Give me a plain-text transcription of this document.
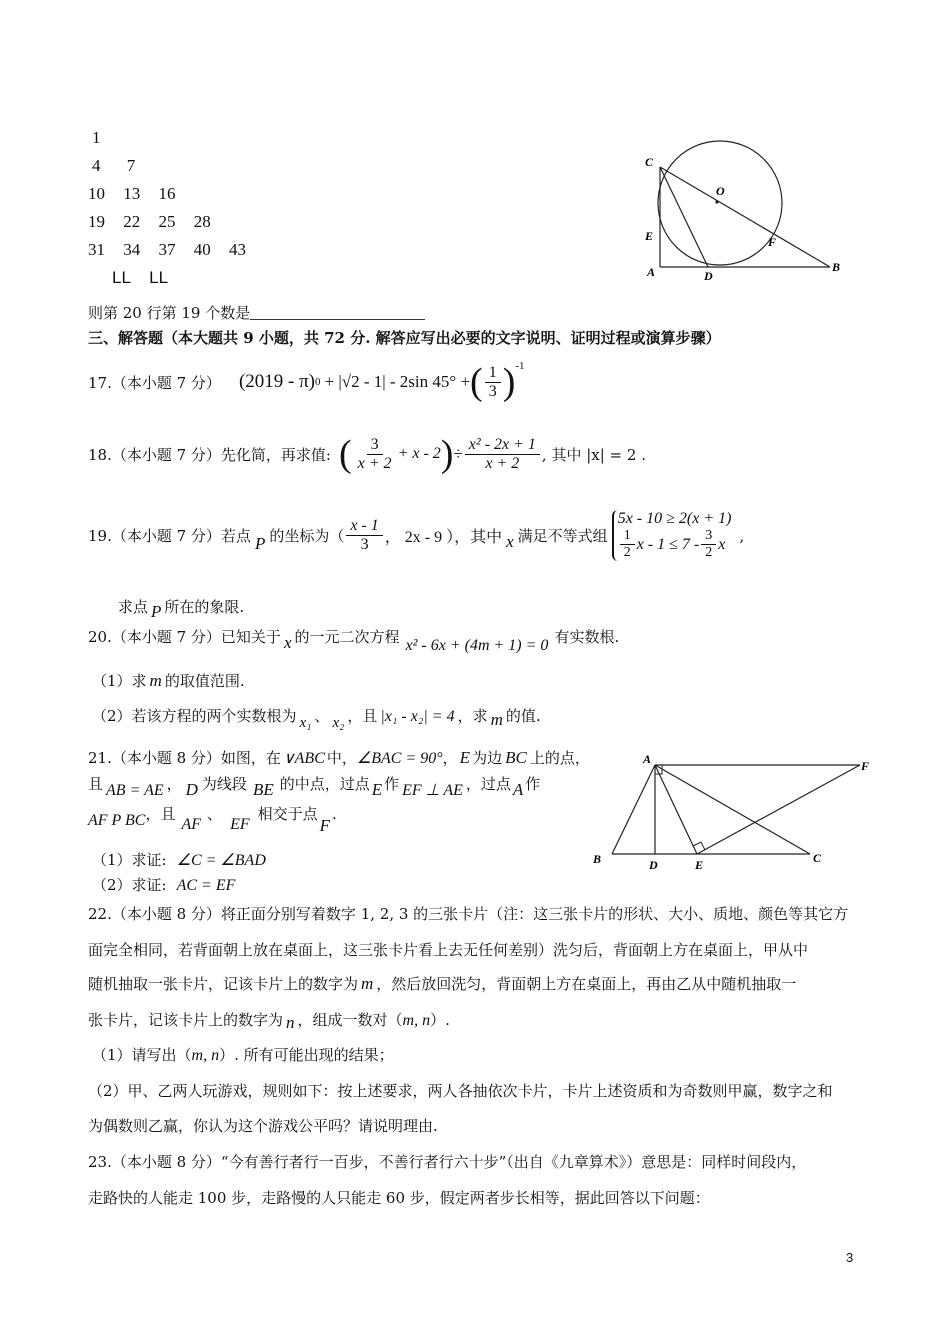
1
4 7
10 13 16
19 22 25 28
31 34 37 40 43
LL    LL
则第 20 行第 19 个数是
C
O
E	F
A	D
B
三、解答题（本大题共 9 小题，共 72 分. 解答应写出必要的文字说明、证明过程或演算步骤）
17.（本小题 7 分） (2019 - π) 0 + |√2 - 1| - 2sin 45° + ( $\frac{1}{3}$ ) -1
18.（本小题 7 分）先化简，再求值: ( $\frac{3}{x + 2} + x - 2$ ) ÷ $\frac{\text{x² - 2x + 1}}{x + 2}$ , 其中 |x| = 2 .
19.（本小题 7 分）若点 P 的坐标为（ $\frac{x - 1}{3}$ ， 2x - 9 ），其中 x 满足不等式组
5x - 10 ≥ 2(x + 1)
$\frac{1}{2}$ $x - 1 \le 7 - \frac{3}{2}$ x ,
求点 P 所在的象限.
20.（本小题 7 分）已知关于 x 的一元二次方程 x² - 6x + (4m + 1) = 0 有实数根.
（1）求 m 的取值范围.
（2）若该方程的两个实数根为 x₁ 、 x₂ ，且 |x₁ - x₂| = 4 ，求 m 的值.
21.（本小题 8 分）如图，在 ∨ABC 中，∠BAC = 90°， E 为边 BC 上的点，
且 AB = AE ， D 为线段 BE 的中点，过点 E 作 EF ⊥ AE ，过点 A 作
AF P BC，且AF、EF相交于点F.
（1）求证: ∠C = ∠BAD
（2）求证: AC = EF
A	F
B	D	E	C
22.（本小题 8 分）将正面分别写着数字 1, 2, 3 的三张卡片（注：这三张卡片的形状、大小、质地、颜色等其它方
面完全相同，若背面朝上放在桌面上，这三张卡片看上去无任何差别）洗匀后，背面朝上方在桌面上，甲从中
随机抽取一张卡片，记该卡片上的数字为 m ，然后放回洗匀，背面朝上方在桌面上，再由乙从中随机抽取一
张卡片，记该卡片上的数字为 n ，组成一数对（m, n）.
（1）请写出（m, n）. 所有可能出现的结果；
（2）甲、乙两人玩游戏，规则如下：按上述要求，两人各抽依次卡片，卡片上述资质和为奇数则甲赢，数字之和
为偶数则乙赢，你认为这个游戏公平吗？请说明理由.
23.（本小题 8 分）“今有善行者行一百步，不善行者行六十步”（出自《九章算术》）意思是：同样时间段内，
走路快的人能走 100 步，走路慢的人只能走 60 步，假定两者步长相等，据此回答以下问题：
3
